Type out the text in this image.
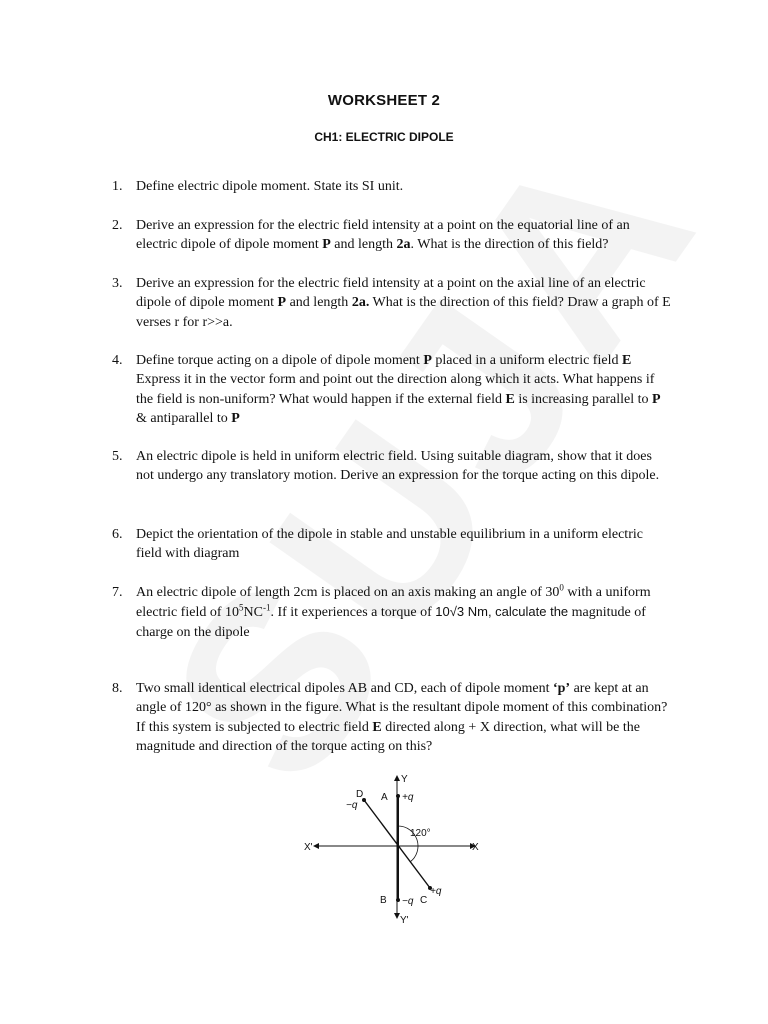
WORKSHEET 2
CH1: ELECTRIC DIPOLE
1. Define electric dipole moment. State its SI unit.
2. Derive an expression for the electric field intensity at a point on the equatorial line of an electric dipole of dipole moment P and length 2a. What is the direction of this field?
3. Derive an expression for the electric field intensity at a point on the axial line of an electric dipole of dipole moment P and length 2a. What is the direction of this field? Draw a graph of E verses r for r>>a.
4. Define torque acting on a dipole of dipole moment P placed in a uniform electric field E Express it in the vector form and point out the direction along which it acts. What happens if the field is non-uniform? What would happen if the external field E is increasing parallel to P & antiparallel to P
5. An electric dipole is held in uniform electric field. Using suitable diagram, show that it does not undergo any translatory motion. Derive an expression for the torque acting on this dipole.
6. Depict the orientation of the dipole in stable and unstable equilibrium in a uniform electric field with diagram
7. An electric dipole of length 2cm is placed on an axis making an angle of $30^0$ with a uniform electric field of $10^5NC^{-1}$. If it experiences a torque of 10√3 Nm, calculate the magnitude of charge on the dipole
8. Two small identical electrical dipoles AB and CD, each of dipole moment ‘p’ are kept at an angle of 120° as shown in the figure. What is the resultant dipole moment of this combination? If this system is subjected to electric field E directed along + X direction, what will be the magnitude and direction of the torque acting on this?
Y
Y'
X
X'
A +q
D
−q
120°
B −q C
+q
